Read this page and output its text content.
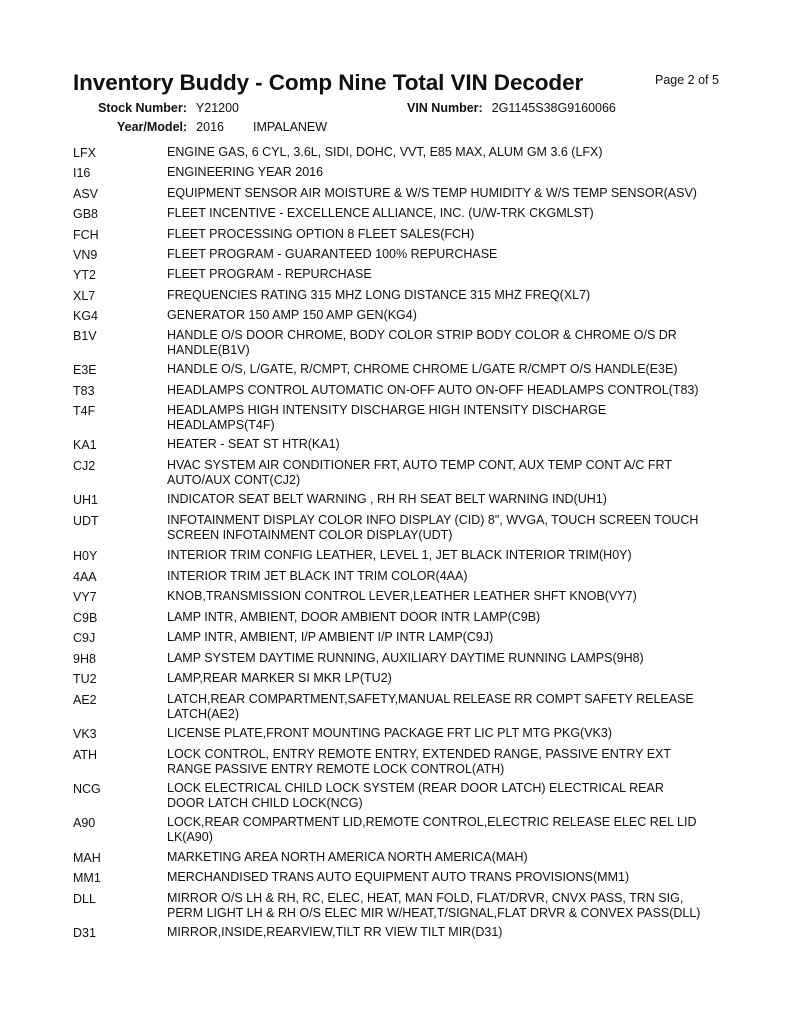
Inventory Buddy - Comp Nine Total VIN Decoder	Page 2 of 5
Stock Number: Y21200	VIN Number: 2G1145S38G9160066
Year/Model: 2016 IMPALANEW
LFX	ENGINE GAS, 6 CYL, 3.6L, SIDI, DOHC, VVT, E85 MAX, ALUM GM 3.6 (LFX)
I16	ENGINEERING YEAR 2016
ASV	EQUIPMENT SENSOR AIR MOISTURE & W/S TEMP HUMIDITY & W/S TEMP SENSOR(ASV)
GB8	FLEET INCENTIVE - EXCELLENCE ALLIANCE, INC. (U/W-TRK CKGMLST)
FCH	FLEET PROCESSING OPTION 8 FLEET SALES(FCH)
VN9	FLEET PROGRAM - GUARANTEED 100% REPURCHASE
YT2	FLEET PROGRAM - REPURCHASE
XL7	FREQUENCIES RATING 315 MHZ LONG DISTANCE 315 MHZ FREQ(XL7)
KG4	GENERATOR 150 AMP 150 AMP GEN(KG4)
B1V	HANDLE O/S DOOR CHROME, BODY COLOR STRIP BODY COLOR & CHROME O/S DR
HANDLE(B1V)
E3E	HANDLE O/S, L/GATE, R/CMPT, CHROME CHROME L/GATE R/CMPT O/S HANDLE(E3E)
T83	HEADLAMPS CONTROL AUTOMATIC ON-OFF AUTO ON-OFF HEADLAMPS CONTROL(T83)
T4F	HEADLAMPS HIGH INTENSITY DISCHARGE HIGH INTENSITY DISCHARGE
HEADLAMPS(T4F)
KA1	HEATER - SEAT ST HTR(KA1)
CJ2	HVAC SYSTEM AIR CONDITIONER FRT, AUTO TEMP CONT, AUX TEMP CONT A/C FRT
AUTO/AUX CONT(CJ2)
UH1	INDICATOR SEAT BELT WARNING , RH RH SEAT BELT WARNING IND(UH1)
UDT	INFOTAINMENT DISPLAY COLOR INFO DISPLAY (CID) 8", WVGA, TOUCH SCREEN TOUCH
SCREEN INFOTAINMENT COLOR DISPLAY(UDT)
H0Y	INTERIOR TRIM CONFIG LEATHER, LEVEL 1, JET BLACK INTERIOR TRIM(H0Y)
4AA	INTERIOR TRIM JET BLACK INT TRIM COLOR(4AA)
VY7	KNOB,TRANSMISSION CONTROL LEVER,LEATHER LEATHER SHFT KNOB(VY7)
C9B	LAMP INTR, AMBIENT, DOOR AMBIENT DOOR INTR LAMP(C9B)
C9J	LAMP INTR, AMBIENT, I/P AMBIENT I/P INTR LAMP(C9J)
9H8	LAMP SYSTEM DAYTIME RUNNING, AUXILIARY DAYTIME RUNNING LAMPS(9H8)
TU2	LAMP,REAR MARKER SI MKR LP(TU2)
AE2	LATCH,REAR COMPARTMENT,SAFETY,MANUAL RELEASE RR COMPT SAFETY RELEASE
LATCH(AE2)
VK3	LICENSE PLATE,FRONT MOUNTING PACKAGE FRT LIC PLT MTG PKG(VK3)
ATH	LOCK CONTROL, ENTRY REMOTE ENTRY, EXTENDED RANGE, PASSIVE ENTRY EXT
RANGE PASSIVE ENTRY REMOTE LOCK CONTROL(ATH)
NCG	LOCK ELECTRICAL CHILD LOCK SYSTEM (REAR DOOR LATCH) ELECTRICAL REAR
DOOR LATCH CHILD LOCK(NCG)
A90	LOCK,REAR COMPARTMENT LID,REMOTE CONTROL,ELECTRIC RELEASE ELEC REL LID
LK(A90)
MAH	MARKETING AREA NORTH AMERICA NORTH AMERICA(MAH)
MM1	MERCHANDISED TRANS AUTO EQUIPMENT AUTO TRANS PROVISIONS(MM1)
DLL	MIRROR O/S LH & RH, RC, ELEC, HEAT, MAN FOLD, FLAT/DRVR, CNVX PASS, TRN SIG,
PERM LIGHT LH & RH O/S ELEC MIR W/HEAT,T/SIGNAL,FLAT DRVR & CONVEX PASS(DLL)
D31	MIRROR,INSIDE,REARVIEW,TILT RR VIEW TILT MIR(D31)
